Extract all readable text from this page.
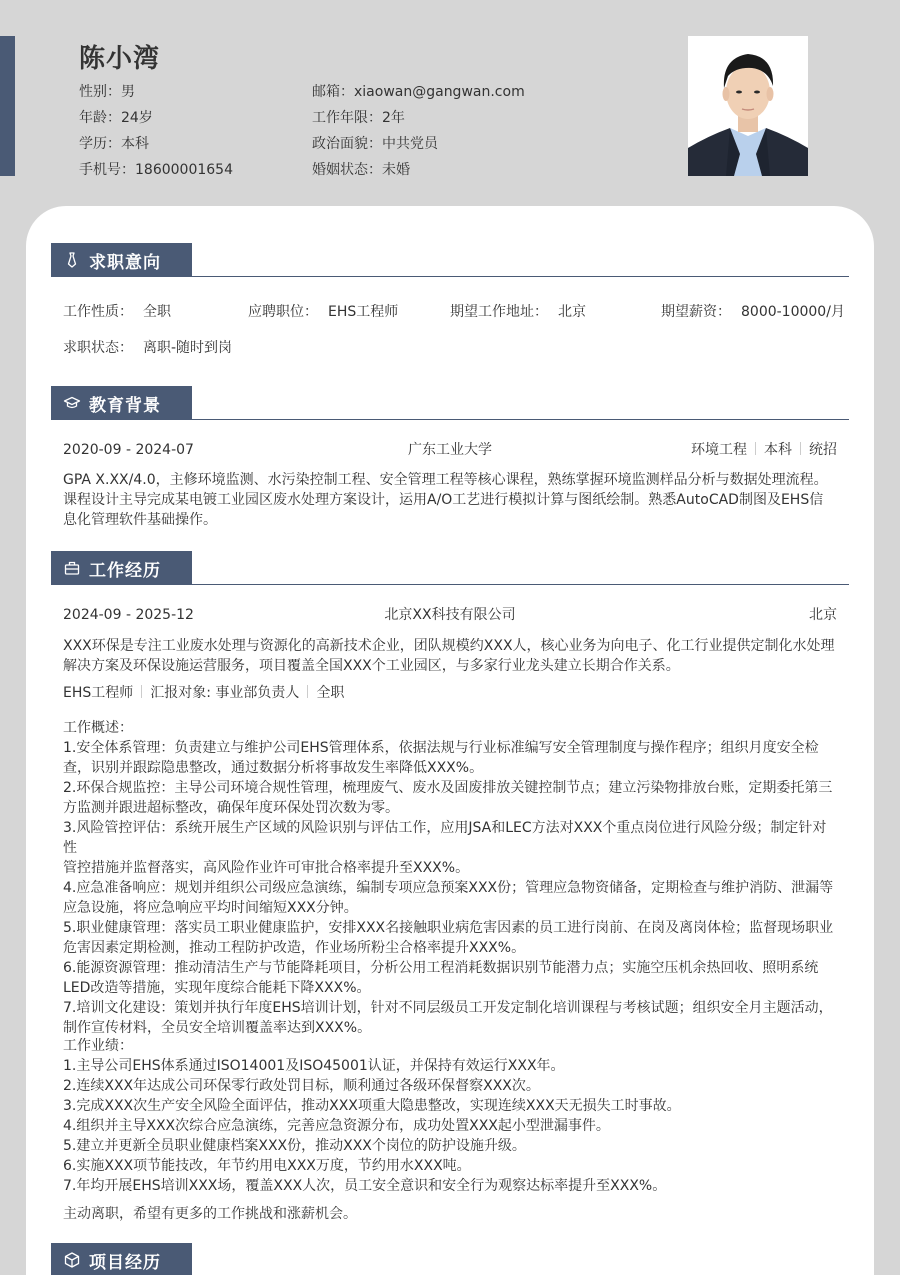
陈小湾
性别：男
年龄：24岁
学历：本科
手机号：18600001654
邮箱：xiaowan@gangwan.com
工作年限：2年
政治面貌：中共党员
婚姻状态：未婚
求职意向
工作性质： 全职	应聘职位： EHS工程师	期望工作地址： 北京	期望薪资： 8000-10000/月
求职状态： 离职-随时到岗
教育背景
2020-09 - 2024-07	广东工业大学	环境工程 本科 统招
GPA X.XX/4.0，主修环境监测、水污染控制工程、安全管理工程等核心课程，熟练掌握环境监测样品分析与数据处理流程。
课程设计主导完成某电镀工业园区废水处理方案设计，运用A/O工艺进行模拟计算与图纸绘制。熟悉AutoCAD制图及EHS信
息化管理软件基础操作。
工作经历
2024-09 - 2025-12	北京XX科技有限公司	北京
XXX环保是专注工业废水处理与资源化的高新技术企业，团队规模约XXX人，核心业务为向电子、化工行业提供定制化水处理
解决方案及环保设施运营服务，项目覆盖全国XXX个工业园区，与多家行业龙头建立长期合作关系。
EHS工程师 汇报对象: 事业部负责人 全职
工作概述：
1.安全体系管理：负责建立与维护公司EHS管理体系，依据法规与行业标准编写安全管理制度与操作程序；组织月度安全检
查，识别并跟踪隐患整改，通过数据分析将事故发生率降低XXX%。
2.环保合规监控：主导公司环境合规性管理，梳理废气、废水及固废排放关键控制节点；建立污染物排放台账，定期委托第三
方监测并跟进超标整改，确保年度环保处罚次数为零。
3.风险管控评估：系统开展生产区域的风险识别与评估工作，应用JSA和LEC方法对XXX个重点岗位进行风险分级；制定针对性
管控措施并监督落实，高风险作业许可审批合格率提升至XXX%。
4.应急准备响应：规划并组织公司级应急演练，编制专项应急预案XXX份；管理应急物资储备，定期检查与维护消防、泄漏等
应急设施，将应急响应平均时间缩短XXX分钟。
5.职业健康管理：落实员工职业健康监护，安排XXX名接触职业病危害因素的员工进行岗前、在岗及离岗体检；监督现场职业
危害因素定期检测，推动工程防护改造，作业场所粉尘合格率提升XXX%。
6.能源资源管理：推动清洁生产与节能降耗项目，分析公用工程消耗数据识别节能潜力点；实施空压机余热回收、照明系统
LED改造等措施，实现年度综合能耗下降XXX%。
7.培训文化建设：策划并执行年度EHS培训计划，针对不同层级员工开发定制化培训课程与考核试题；组织安全月主题活动，
制作宣传材料，全员安全培训覆盖率达到XXX%。
工作业绩：
1.主导公司EHS体系通过ISO14001及ISO45001认证，并保持有效运行XXX年。
2.连续XXX年达成公司环保零行政处罚目标，顺利通过各级环保督察XXX次。
3.完成XXX次生产安全风险全面评估，推动XXX项重大隐患整改，实现连续XXX天无损失工时事故。
4.组织并主导XXX次综合应急演练，完善应急资源分布，成功处置XXX起小型泄漏事件。
5.建立并更新全员职业健康档案XXX份，推动XXX个岗位的防护设施升级。
6.实施XXX项节能技改，年节约用电XXX万度，节约用水XXX吨。
7.年均开展EHS培训XXX场，覆盖XXX人次，员工安全意识和安全行为观察达标率提升至XXX%。
主动离职，希望有更多的工作挑战和涨薪机会。
项目经历
